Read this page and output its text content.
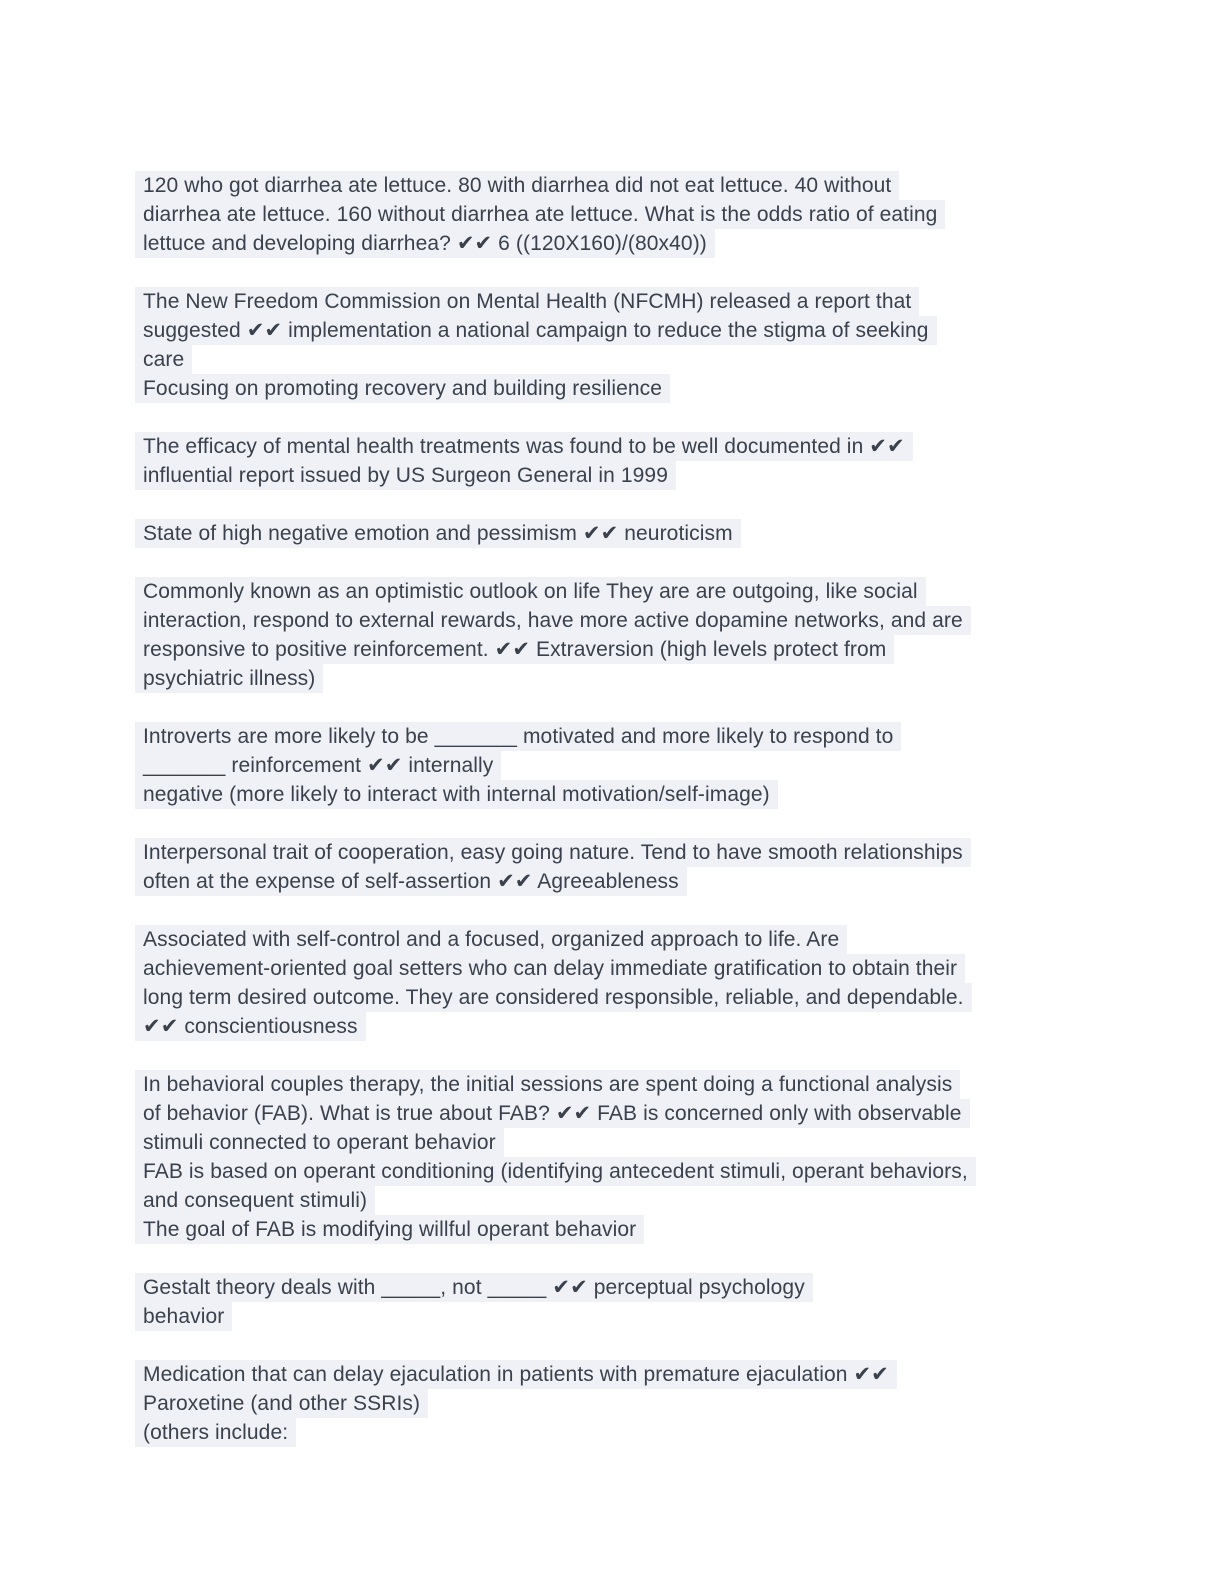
120 who got diarrhea ate lettuce. 80 with diarrhea did not eat lettuce. 40 without
diarrhea ate lettuce. 160 without diarrhea ate lettuce. What is the odds ratio of eating
lettuce and developing diarrhea? ✔✔ 6 ((120X160)/(80x40))
The New Freedom Commission on Mental Health (NFCMH) released a report that
suggested ✔✔ implementation a national campaign to reduce the stigma of seeking
care
Focusing on promoting recovery and building resilience
The efficacy of mental health treatments was found to be well documented in ✔✔
influential report issued by US Surgeon General in 1999
State of high negative emotion and pessimism ✔✔ neuroticism
Commonly known as an optimistic outlook on life They are are outgoing, like social
interaction, respond to external rewards, have more active dopamine networks, and are
responsive to positive reinforcement. ✔✔ Extraversion (high levels protect from
psychiatric illness)
Introverts are more likely to be _______ motivated and more likely to respond to
_______ reinforcement ✔✔ internally
negative (more likely to interact with internal motivation/self-image)
Interpersonal trait of cooperation, easy going nature. Tend to have smooth relationships
often at the expense of self-assertion ✔✔ Agreeableness
Associated with self-control and a focused, organized approach to life. Are
achievement-oriented goal setters who can delay immediate gratification to obtain their
long term desired outcome. They are considered responsible, reliable, and dependable.
✔✔ conscientiousness
In behavioral couples therapy, the initial sessions are spent doing a functional analysis
of behavior (FAB). What is true about FAB? ✔✔ FAB is concerned only with observable
stimuli connected to operant behavior
FAB is based on operant conditioning (identifying antecedent stimuli, operant behaviors,
and consequent stimuli)
The goal of FAB is modifying willful operant behavior
Gestalt theory deals with _____, not _____ ✔✔ perceptual psychology
behavior
Medication that can delay ejaculation in patients with premature ejaculation ✔✔
Paroxetine (and other SSRIs)
(others include:
